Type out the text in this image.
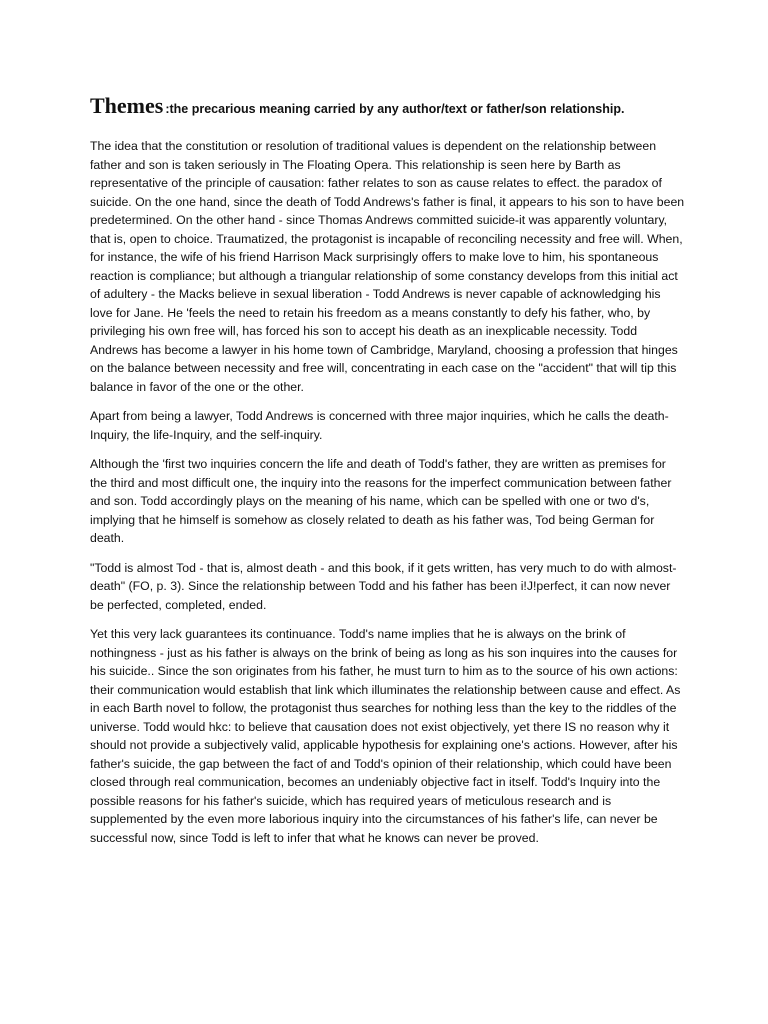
Themes :the precarious meaning carried by any author/text or father/son relationship.

The idea that the constitution or resolution of traditional values is dependent on the relationship between father and son is taken seriously in The Floating Opera. This relationship is seen here by Barth as representative of the principle of causation: father relates to son as cause relates to effect. the paradox of suicide. On the one hand, since the death of Todd Andrews's father is final, it appears to his son to have been predetermined. On the other hand - since Thomas Andrews committed suicide-it was apparently voluntary, that is, open to choice. Traumatized, the protagonist is incapable of reconciling necessity and free will. When, for instance, the wife of his friend Harrison Mack surprisingly offers to make love to him, his spontaneous reaction is compliance; but although a triangular relationship of some constancy develops from this initial act of adultery - the Macks believe in sexual liberation - Todd Andrews is never capable of acknowledging his love for Jane. He 'feels the need to retain his freedom as a means constantly to defy his father, who, by privileging his own free will, has forced his son to accept his death as an inexplicable necessity. Todd Andrews has become a lawyer in his home town of Cambridge, Maryland, choosing a profession that hinges on the balance between necessity and free will, concentrating in each case on the "accident" that will tip this balance in favor of the one or the other.

Apart from being a lawyer, Todd Andrews is concerned with three major inquiries, which he calls the death-Inquiry, the life-Inquiry, and the self-inquiry.

Although the 'first two inquiries concern the life and death of Todd's father, they are written as premises for the third and most difficult one, the inquiry into the reasons for the imperfect communication between father and son. Todd accordingly plays on the meaning of his name, which can be spelled with one or two d's, implying that he himself is somehow as closely related to death as his father was, Tod being German for death.

"Todd is almost Tod - that is, almost death - and this book, if it gets written, has very much to do with almost-death" (FO, p. 3). Since the relationship between Todd and his father has been i!J!perfect, it can now never be perfected, completed, ended.

Yet this very lack guarantees its continuance. Todd's name implies that he is always on the brink of nothingness - just as his father is always on the brink of being as long as his son inquires into the causes for his suicide.. Since the son originates from his father, he must turn to him as to the source of his own actions: their communication would establish that link which illuminates the relationship between cause and effect. As in each Barth novel to follow, the protagonist thus searches for nothing less than the key to the riddles of the universe. Todd would hkc: to believe that causation does not exist objectively, yet there IS no reason why it should not provide a subjectively valid, applicable hypothesis for explaining one's actions. However, after his father's suicide, the gap between the fact of and Todd's opinion of their relationship, which could have been closed through real communication, becomes an undeniably objective fact in itself. Todd's Inquiry into the possible reasons for his father's suicide, which has required years of meticulous research and is supplemented by the even more laborious inquiry into the circumstances of his father's life, can never be successful now, since Todd is left to infer that what he knows can never be proved.
